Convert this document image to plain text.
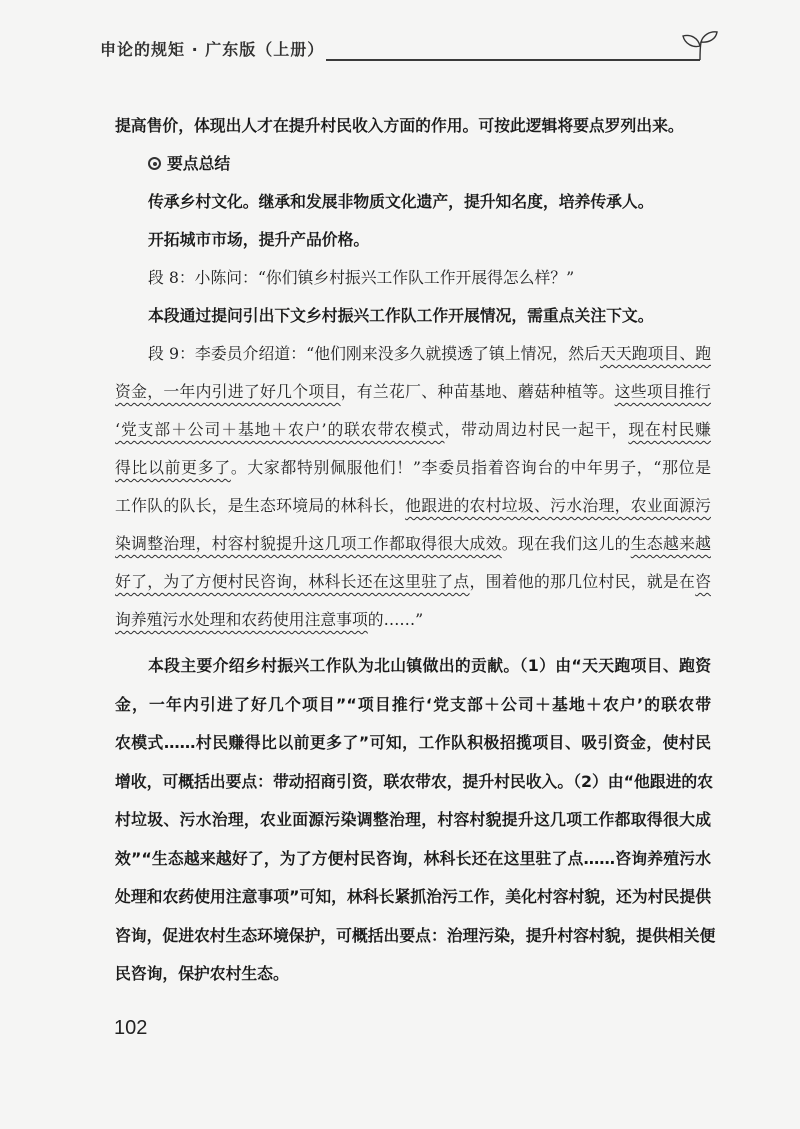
申论的规矩 · 广东版（上册）
提高售价，体现出人才在提升村民收入方面的作用。可按此逻辑将要点罗列出来。
要点总结
传承乡村文化。继承和发展非物质文化遗产，提升知名度，培养传承人。
开拓城市市场，提升产品价格。
段 8：小陈问：“你们镇乡村振兴工作队工作开展得怎么样？”
本段通过提问引出下文乡村振兴工作队工作开展情况，需重点关注下文。
段 9：李委员介绍道：“他们刚来没多久就摸透了镇上情况，然后天天跑项目、跑
资金，一年内引进了好几个项目，有兰花厂、种苗基地、蘑菇种植等。这些项目推行
‘党支部＋公司＋基地＋农户’的联农带农模式，带动周边村民一起干，现在村民赚
得比以前更多了。大家都特别佩服他们！”李委员指着咨询台的中年男子，“那位是
工作队的队长，是生态环境局的林科长，他跟进的农村垃圾、污水治理，农业面源污
染调整治理，村容村貌提升这几项工作都取得很大成效。现在我们这儿的生态越来越
好了，为了方便村民咨询，林科长还在这里驻了点，围着他的那几位村民，就是在咨
询养殖污水处理和农药使用注意事项的……”
本段主要介绍乡村振兴工作队为北山镇做出的贡献。（1）由“天天跑项目、跑资
金，一年内引进了好几个项目”“项目推行‘党支部＋公司＋基地＋农户’的联农带
农模式……村民赚得比以前更多了”可知，工作队积极招揽项目、吸引资金，使村民
增收，可概括出要点：带动招商引资，联农带农，提升村民收入。（2）由“他跟进的农
村垃圾、污水治理，农业面源污染调整治理，村容村貌提升这几项工作都取得很大成
效”“生态越来越好了，为了方便村民咨询，林科长还在这里驻了点……咨询养殖污水
处理和农药使用注意事项”可知，林科长紧抓治污工作，美化村容村貌，还为村民提供
咨询，促进农村生态环境保护，可概括出要点：治理污染，提升村容村貌，提供相关便
民咨询，保护农村生态。
102
